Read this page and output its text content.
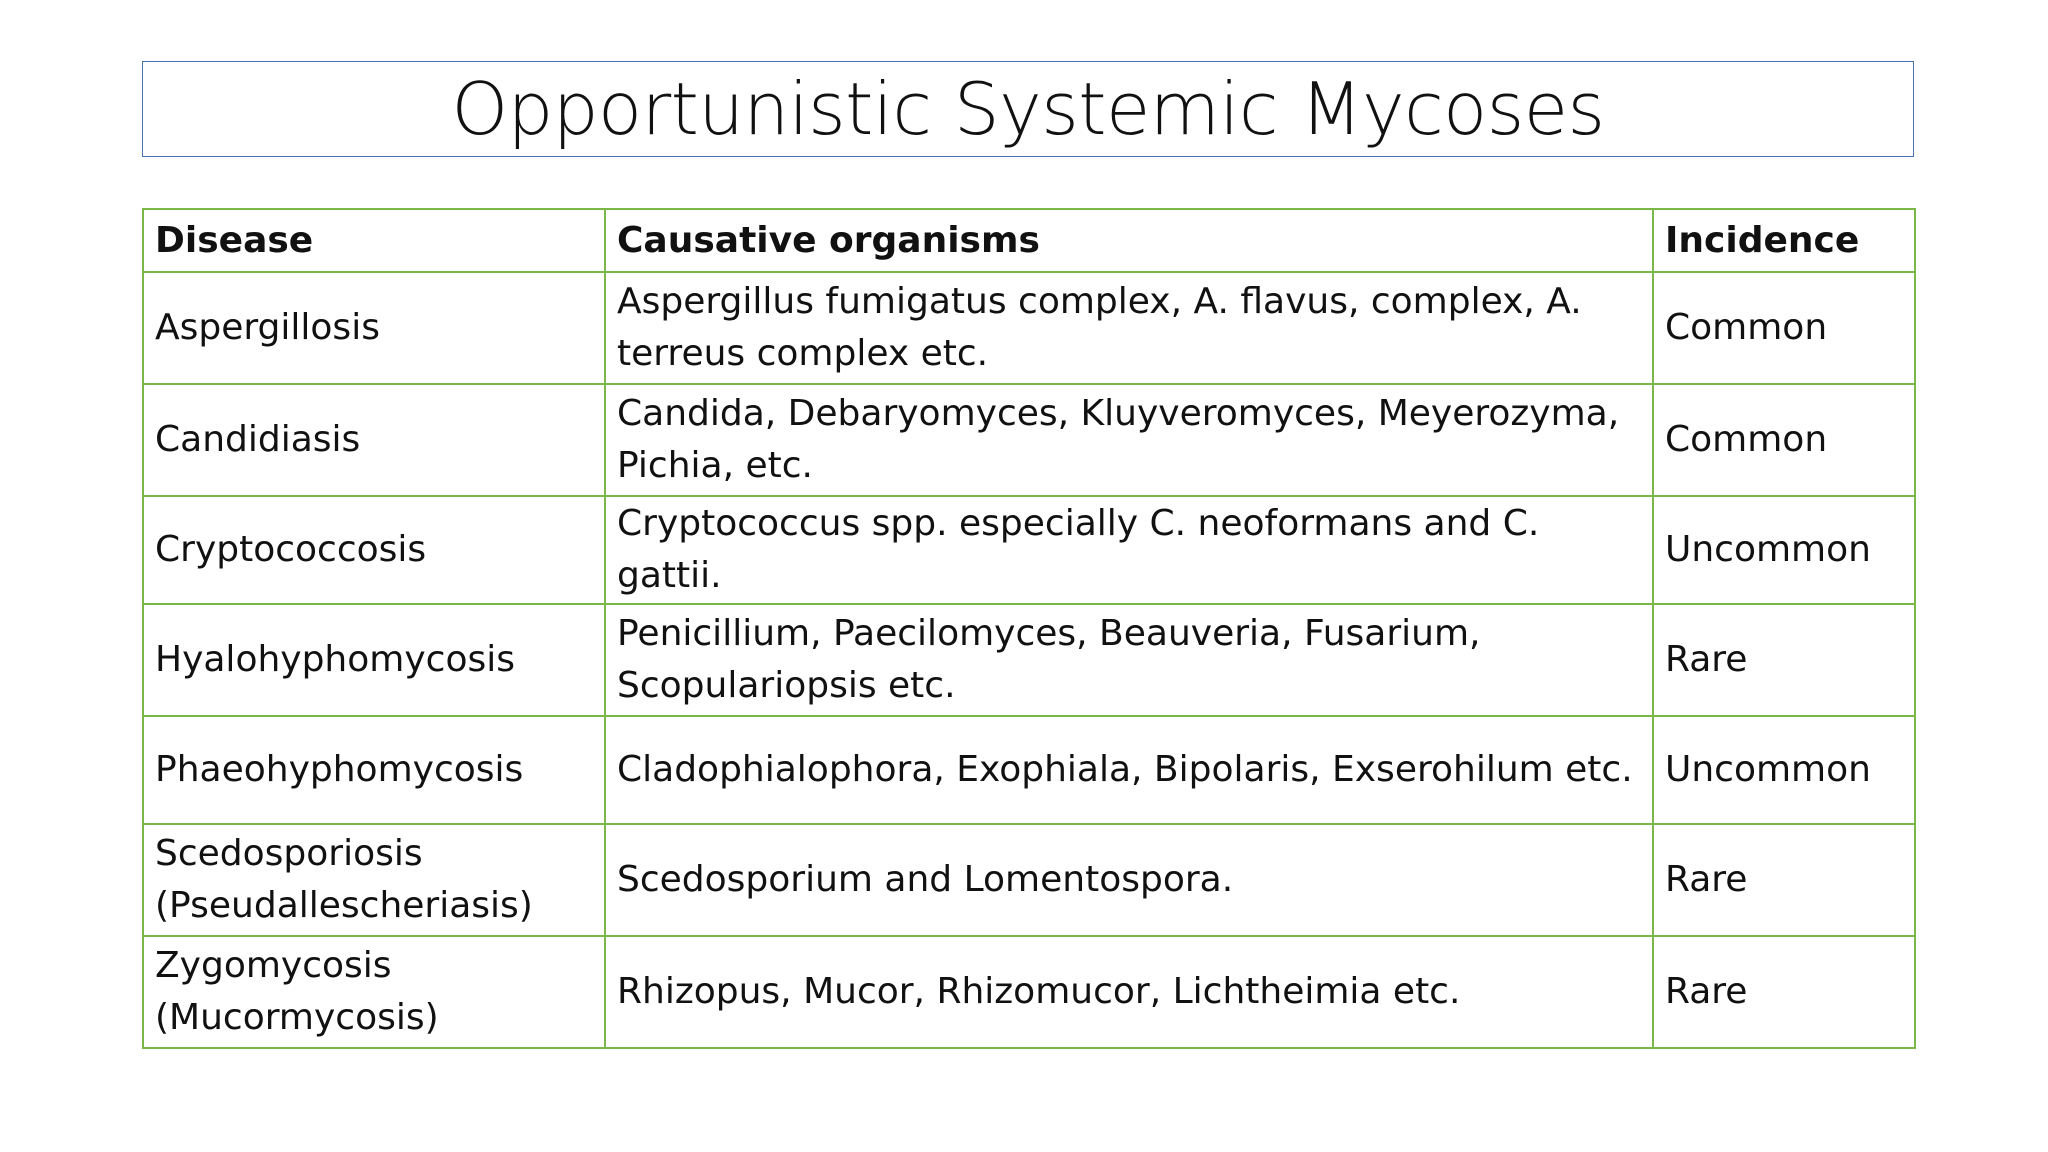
Opportunistic Systemic Mycoses
Disease	Causative organisms	Incidence
Aspergillosis	Aspergillus fumigatus complex, A. flavus, complex, A. terreus complex etc.	Common
Candidiasis	Candida, Debaryomyces, Kluyveromyces, Meyerozyma, Pichia, etc.	Common
Cryptococcosis	Cryptococcus spp. especially C. neoformans and C. gattii.	Uncommon
Hyalohyphomycosis	Penicillium, Paecilomyces, Beauveria, Fusarium, Scopulariopsis etc.	Rare
Phaeohyphomycosis	Cladophialophora, Exophiala, Bipolaris, Exserohilum etc.	Uncommon
Scedosporiosis (Pseudallescheriasis)	Scedosporium and Lomentospora.	Rare
Zygomycosis (Mucormycosis)	Rhizopus, Mucor, Rhizomucor, Lichtheimia etc.	Rare
